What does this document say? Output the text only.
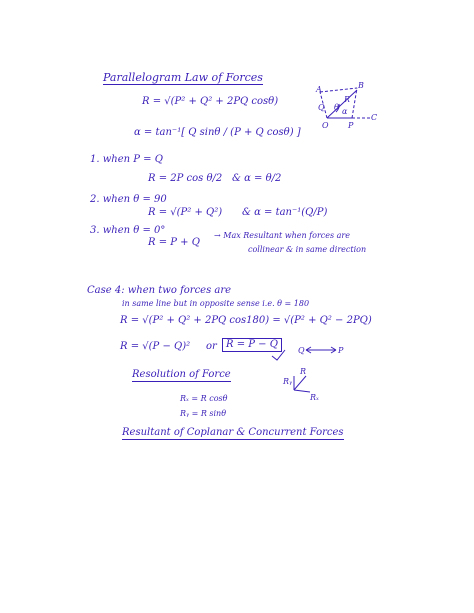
Parallelogram Law of Forces
R = √(P² + Q² + 2PQ cosθ)
α = tan⁻¹[ Q sinθ / (P + Q cosθ) ]
A	B
O
C
Q
P
R
θ α
1. when P = Q
R = 2P cos θ/2 & α = θ/2
2. when θ = 90
R = √(P² + Q²) & α = tan⁻¹(Q/P)
3. when θ = 0°
R = P + Q
→ Max Resultant when forces are
collinear & in same direction
Case 4: when two forces are
in same line but in opposite sense i.e. θ = 180
R = √(P² + Q² + 2PQ cos180) = √(P² + Q² − 2PQ)
R = √(P − Q)² or R = P − Q
Q	P
Resolution of Force
Rₓ = R cosθ
Rᵧ = R sinθ
R
Rᵧ
Rₓ
Resultant of Coplanar & Concurrent Forces
